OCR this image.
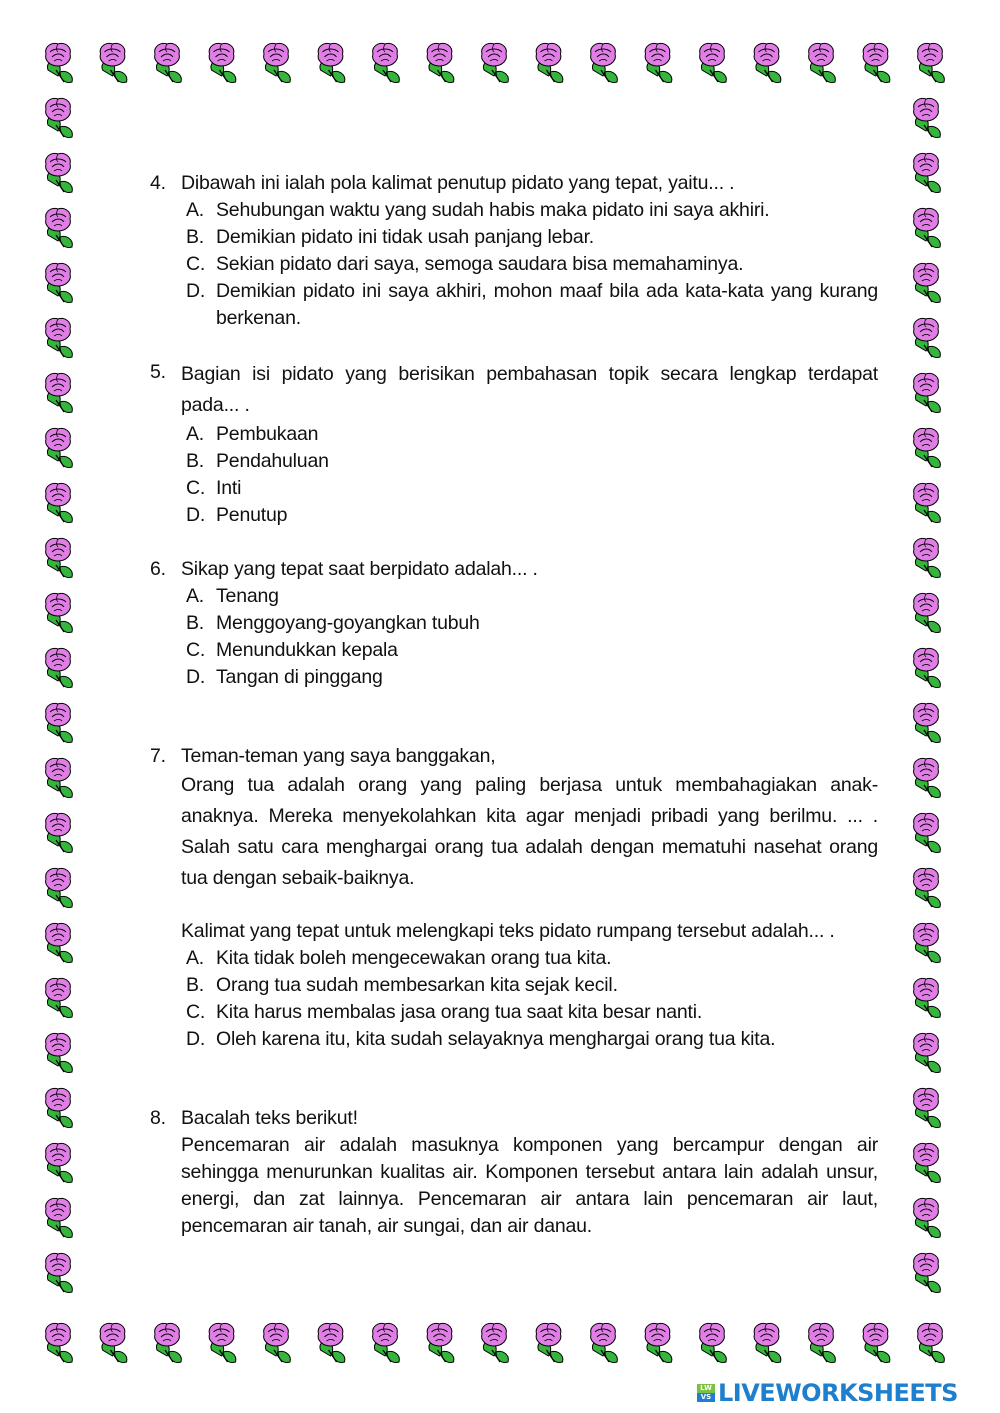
4. Dibawah ini ialah pola kalimat penutup pidato yang tepat, yaitu... .
A. Sehubungan waktu yang sudah habis maka pidato ini saya akhiri.
B. Demikian pidato ini tidak usah panjang lebar.
C. Sekian pidato dari saya, semoga saudara bisa memahaminya.
D. Demikian pidato ini saya akhiri, mohon maaf bila ada kata-kata yang kurang berkenan.
5. Bagian isi pidato yang berisikan pembahasan topik secara lengkap terdapat pada... .
A. Pembukaan
B. Pendahuluan
C. Inti
D. Penutup
6. Sikap yang tepat saat berpidato adalah... .
A. Tenang
B. Menggoyang-goyangkan tubuh
C. Menundukkan kepala
D. Tangan di pinggang
7. Teman-teman yang saya banggakan,
Orang tua adalah orang yang paling berjasa untuk membahagiakan anak-anaknya. Mereka menyekolahkan kita agar menjadi pribadi yang berilmu. ... . Salah satu cara menghargai orang tua adalah dengan mematuhi nasehat orang tua dengan sebaik-baiknya.
Kalimat yang tepat untuk melengkapi teks pidato rumpang tersebut adalah... .
A. Kita tidak boleh mengecewakan orang tua kita.
B. Orang tua sudah membesarkan kita sejak kecil.
C. Kita harus membalas jasa orang tua saat kita besar nanti.
D. Oleh karena itu, kita sudah selayaknya menghargai orang tua kita.
8. Bacalah teks berikut!
Pencemaran air adalah masuknya komponen yang bercampur dengan air sehingga menurunkan kualitas air. Komponen tersebut antara lain adalah unsur, energi, dan zat lainnya. Pencemaran air antara lain pencemaran air laut, pencemaran air tanah, air sungai, dan air danau.
LW
VS LIVEWORKSHEETS
